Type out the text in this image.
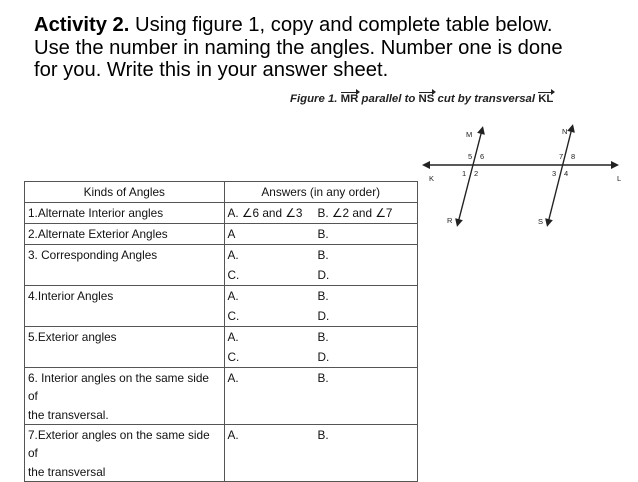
Activity 2. Using figure 1, copy and complete table below.
Use the number in naming the angles. Number one is done
for you. Write this in your answer sheet.
Figure 1. MR parallel to NS cut by transversal KL
M	N
K	L
R	S
5 6
1 2
7 8
3 4
Kinds of Angles	Answers (in any order)
1.Alternate Interior angles	A. ∠6 and ∠3 B. ∠2 and ∠7
2.Alternate Exterior Angles	A B.
3. Corresponding Angles	A. B.
	C. D.
4.Interior Angles	A. B.
	C. D.
5.Exterior angles	A. B.
	C. D.

6. Interior angles on the same side of
the transversal.	A. B.

7.Exterior angles on the same side of
the transversal	A. B.
